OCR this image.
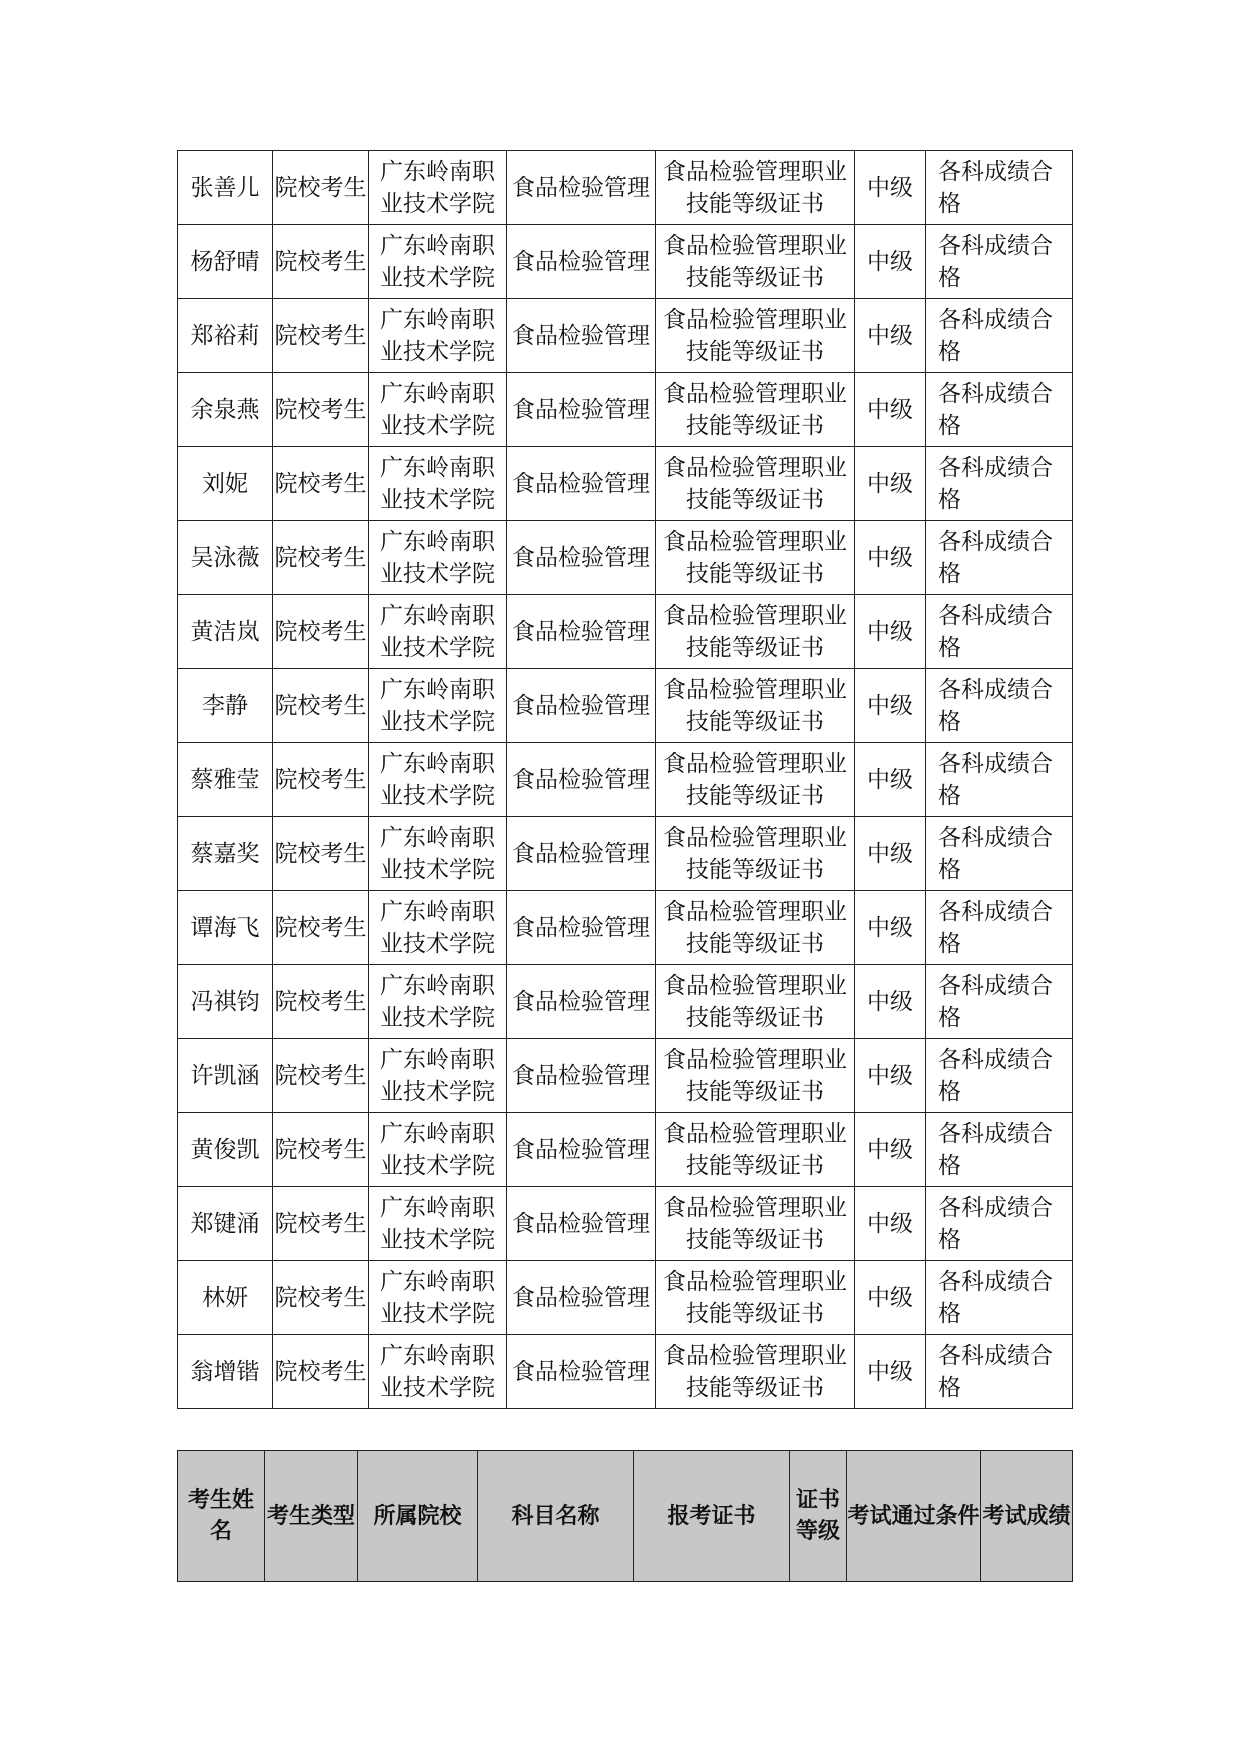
张善儿	院校考生	广东岭南职业技术学院	食品检验管理	食品检验管理职业技能等级证书	中级	各科成绩合格
杨舒晴	院校考生	广东岭南职业技术学院	食品检验管理	食品检验管理职业技能等级证书	中级	各科成绩合格
郑裕莉	院校考生	广东岭南职业技术学院	食品检验管理	食品检验管理职业技能等级证书	中级	各科成绩合格
余泉燕	院校考生	广东岭南职业技术学院	食品检验管理	食品检验管理职业技能等级证书	中级	各科成绩合格
刘妮	院校考生	广东岭南职业技术学院	食品检验管理	食品检验管理职业技能等级证书	中级	各科成绩合格
吴泳薇	院校考生	广东岭南职业技术学院	食品检验管理	食品检验管理职业技能等级证书	中级	各科成绩合格
黄洁岚	院校考生	广东岭南职业技术学院	食品检验管理	食品检验管理职业技能等级证书	中级	各科成绩合格
李静	院校考生	广东岭南职业技术学院	食品检验管理	食品检验管理职业技能等级证书	中级	各科成绩合格
蔡雅莹	院校考生	广东岭南职业技术学院	食品检验管理	食品检验管理职业技能等级证书	中级	各科成绩合格
蔡嘉奖	院校考生	广东岭南职业技术学院	食品检验管理	食品检验管理职业技能等级证书	中级	各科成绩合格
谭海飞	院校考生	广东岭南职业技术学院	食品检验管理	食品检验管理职业技能等级证书	中级	各科成绩合格
冯祺钧	院校考生	广东岭南职业技术学院	食品检验管理	食品检验管理职业技能等级证书	中级	各科成绩合格
许凯涵	院校考生	广东岭南职业技术学院	食品检验管理	食品检验管理职业技能等级证书	中级	各科成绩合格
黄俊凯	院校考生	广东岭南职业技术学院	食品检验管理	食品检验管理职业技能等级证书	中级	各科成绩合格
郑键涌	院校考生	广东岭南职业技术学院	食品检验管理	食品检验管理职业技能等级证书	中级	各科成绩合格
林妍	院校考生	广东岭南职业技术学院	食品检验管理	食品检验管理职业技能等级证书	中级	各科成绩合格
翁增锴	院校考生	广东岭南职业技术学院	食品检验管理	食品检验管理职业技能等级证书	中级	各科成绩合格
考生姓名	考生类型	所属院校	科目名称	报考证书	证书等级	考试通过条件	考试成绩
